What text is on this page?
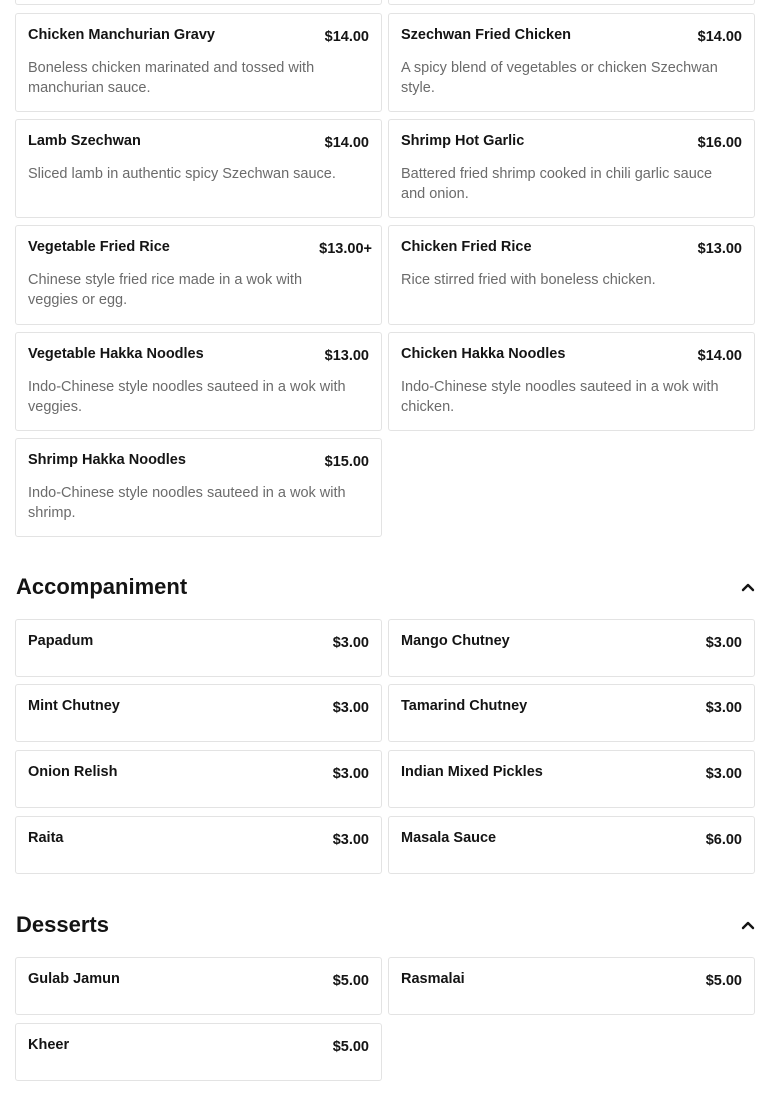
Chicken Manchurian Gravy	$14.00
Boneless chicken marinated and tossed with manchurian sauce.
Szechwan Fried Chicken	$14.00
A spicy blend of vegetables or chicken Szechwan style.
Lamb Szechwan	$14.00
Sliced lamb in authentic spicy Szechwan sauce.
Shrimp Hot Garlic	$16.00
Battered fried shrimp cooked in chili garlic sauce and onion.
Vegetable Fried Rice	$13.00+
Chinese style fried rice made in a wok with veggies or egg.
Chicken Fried Rice	$13.00
Rice stirred fried with boneless chicken.
Vegetable Hakka Noodles	$13.00
Indo-Chinese style noodles sauteed in a wok with veggies.
Chicken Hakka Noodles	$14.00
Indo-Chinese style noodles sauteed in a wok with chicken.
Shrimp Hakka Noodles	$15.00
Indo-Chinese style noodles sauteed in a wok with shrimp.
Accompaniment
Papadum	$3.00 Mango Chutney	$3.00
Mint Chutney	$3.00 Tamarind Chutney	$3.00
Onion Relish	$3.00 Indian Mixed Pickles	$3.00
Raita	$3.00 Masala Sauce	$6.00
Desserts
Gulab Jamun	$5.00 Rasmalai	$5.00
Kheer	$5.00
